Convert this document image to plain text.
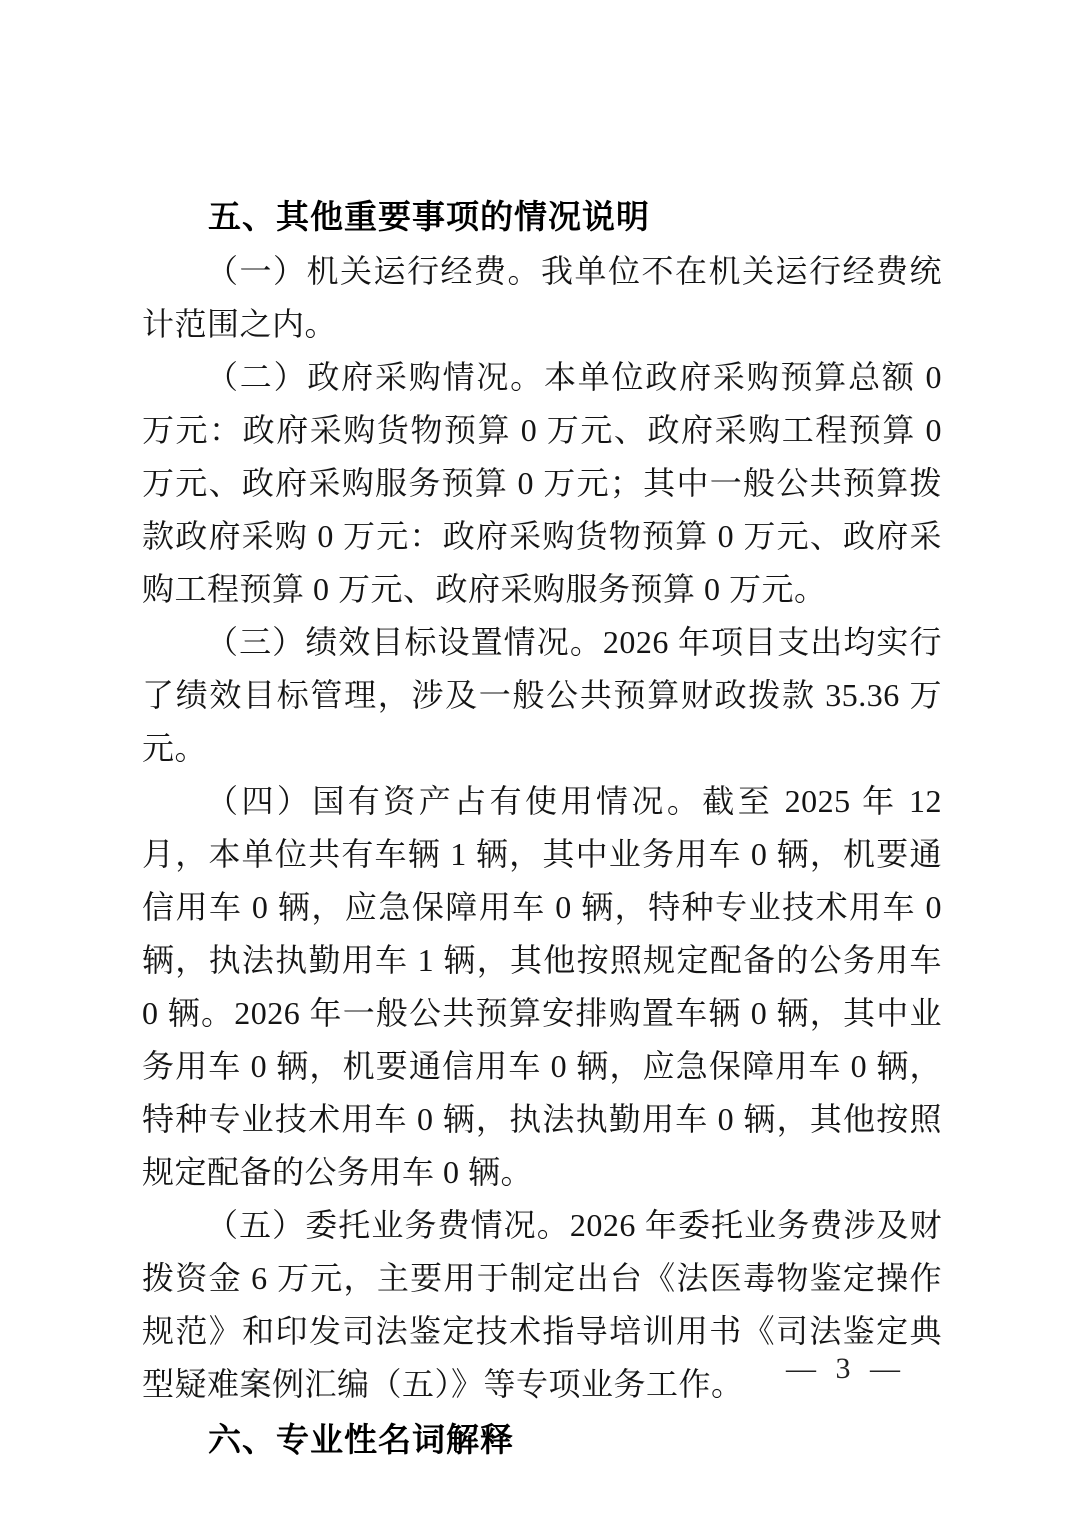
五、其他重要事项的情况说明

（一）机关运行经费。我单位不在机关运行经费统计范围之内。

（二）政府采购情况。本单位政府采购预算总额 0 万元：政府采购货物预算 0 万元、政府采购工程预算 0 万元、政府采购服务预算 0 万元；其中一般公共预算拨款政府采购 0 万元：政府采购货物预算 0 万元、政府采购工程预算 0 万元、政府采购服务预算 0 万元。

（三）绩效目标设置情况。2026 年项目支出均实行了绩效目标管理，涉及一般公共预算财政拨款 35.36 万元。

（四）国有资产占有使用情况。截至 2025 年 12 月，本单位共有车辆 1 辆，其中业务用车 0 辆，机要通信用车 0 辆，应急保障用车 0 辆，特种专业技术用车 0 辆，执法执勤用车 1 辆，其他按照规定配备的公务用车 0 辆。2026 年一般公共预算安排购置车辆 0 辆，其中业务用车 0 辆，机要通信用车 0 辆，应急保障用车 0 辆，特种专业技术用车 0 辆，执法执勤用车 0 辆，其他按照规定配备的公务用车 0 辆。

（五）委托业务费情况。2026 年委托业务费涉及财拨资金 6 万元，主要用于制定出台《法医毒物鉴定操作规范》和印发司法鉴定技术指导培训用书《司法鉴定典型疑难案例汇编（五）》等专项业务工作。

六、专业性名词解释

— 3 —
